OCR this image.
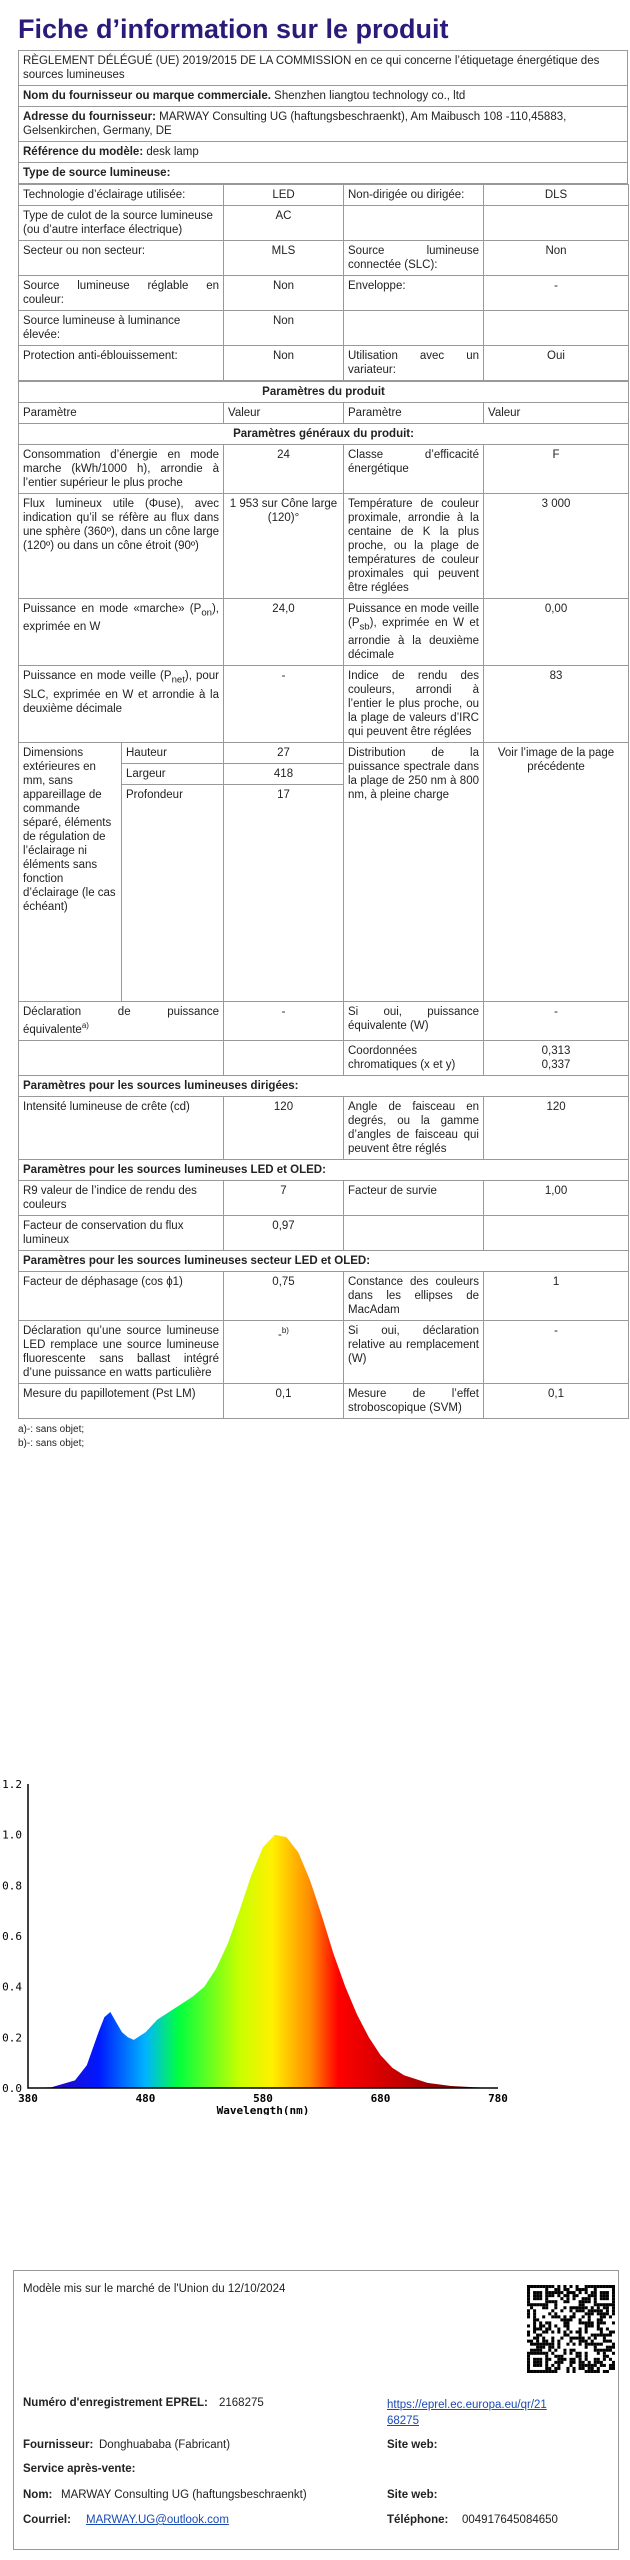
Fiche d’information sur le produit
RÈGLEMENT DÉLÉGUÉ (UE) 2019/2015 DE LA COMMISSION en ce qui concerne l’étiquetage énergétique des sources lumineuses
Nom du fournisseur ou marque commerciale. Shenzhen liangtou technology co., ltd
Adresse du fournisseur: MARWAY Consulting UG (haftungsbeschraenkt), Am Maibusch 108 -110,45883, Gelsenkirchen, Germany, DE
Référence du modèle: desk lamp
Type de source lumineuse:
Technologie d’éclairage utilisée:	LED	Non-dirigée ou dirigée:	DLS

Type de culot de la source lumineuse
(ou d’autre interface électrique)	AC		
Secteur ou non secteur:	MLS	Source lumineuse connectée (SLC):	Non
Source lumineuse réglable en couleur:	Non	Enveloppe:	-
Source lumineuse à luminance élevée:	Non		
Protection anti-éblouissement:	Non	Utilisation avec un variateur:	Oui
Paramètres du produit				
Paramètre		Valeur	Paramètre	Valeur
Paramètres généraux du produit:				
Consommation d’énergie en mode marche (kWh/1000 h), arrondie à l’entier supérieur le plus proche		24	Classe d’efficacité énergétique	F
Flux lumineux utile (Φuse), avec indication qu’il se réfère au flux dans une sphère (360º), dans un cône large (120º) ou dans un cône étroit (90º)		1 953 sur Cône large (120)°	Température de couleur proximale, arrondie à la centaine de K la plus proche, ou la plage de températures de couleur proximales qui peuvent être réglées	3 000
Puissance en mode «marche» $(P_{on})$, exprimée en W		24,0	Puissance en mode veille $(P_{sb})$, exprimée en W et arrondie à la deuxième décimale	0,00
Puissance en mode veille $(P_{net})$, pour SLC, exprimée en W et arrondie à la deuxième décimale		-	Indice de rendu des couleurs, arrondi à l’entier le plus proche, ou la plage de valeurs d’IRC qui peuvent être réglées	83
Dimensions extérieures en mm, sans appareillage de commande séparé, éléments de régulation de l’éclairage ni éléments sans fonction d’éclairage (le cas échéant)	Hauteur	27	Distribution de la puissance spectrale dans la plage de 250 nm à 800 nm, à pleine charge	Voir l’image de la page précédente
	Largeur	418		
	Profondeur	17		
Déclaration de puissance équivalente$^{a)}$		-	Si oui, puissance équivalente (W)	-
			Coordonnées chromatiques (x et y)	0,313
0,337

Paramètres pour les sources lumineuses dirigées:				
Intensité lumineuse de crête (cd)		120	Angle de faisceau en degrés, ou la gamme d’angles de faisceau qui peuvent être réglés	120
Paramètres pour les sources lumineuses LED et OLED:				
R9 valeur de l’indice de rendu des couleurs		7	Facteur de survie	1,00
Facteur de conservation du flux lumineux		0,97		
Paramètres pour les sources lumineuses secteur LED et OLED:				
Facteur de déphasage (cos ϕ1)		0,75	Constance des couleurs dans les ellipses de MacAdam	1
Déclaration qu’une source lumineuse LED remplace une source lumineuse fluorescente sans ballast intégré d’une puissance en watts particulière		-$^{b)}$	Si oui, déclaration relative au remplacement (W)	-
Mesure du papillotement (Pst LM)		0,1	Mesure de l’effet stroboscopique (SVM)	0,1
a)-: sans objet;
b)-: sans objet;
0.0
0.2
0.4
0.6
0.8
1.0
1.2
380	480	580	680	780
Wavelength(nm)
Modèle mis sur le marché de l'Union du 12/10/2024
Numéro d'enregistrement EPREL: 2168275	https://eprel.ec.europa.eu/qr/21
68275
Fournisseur: Donghuababa (Fabricant)	Site web:
Service après-vente:
Nom: MARWAY Consulting UG (haftungsbeschraenkt)	Site web:
Courriel: MARWAY.UG@outlook.com	Téléphone: 004917645084650
